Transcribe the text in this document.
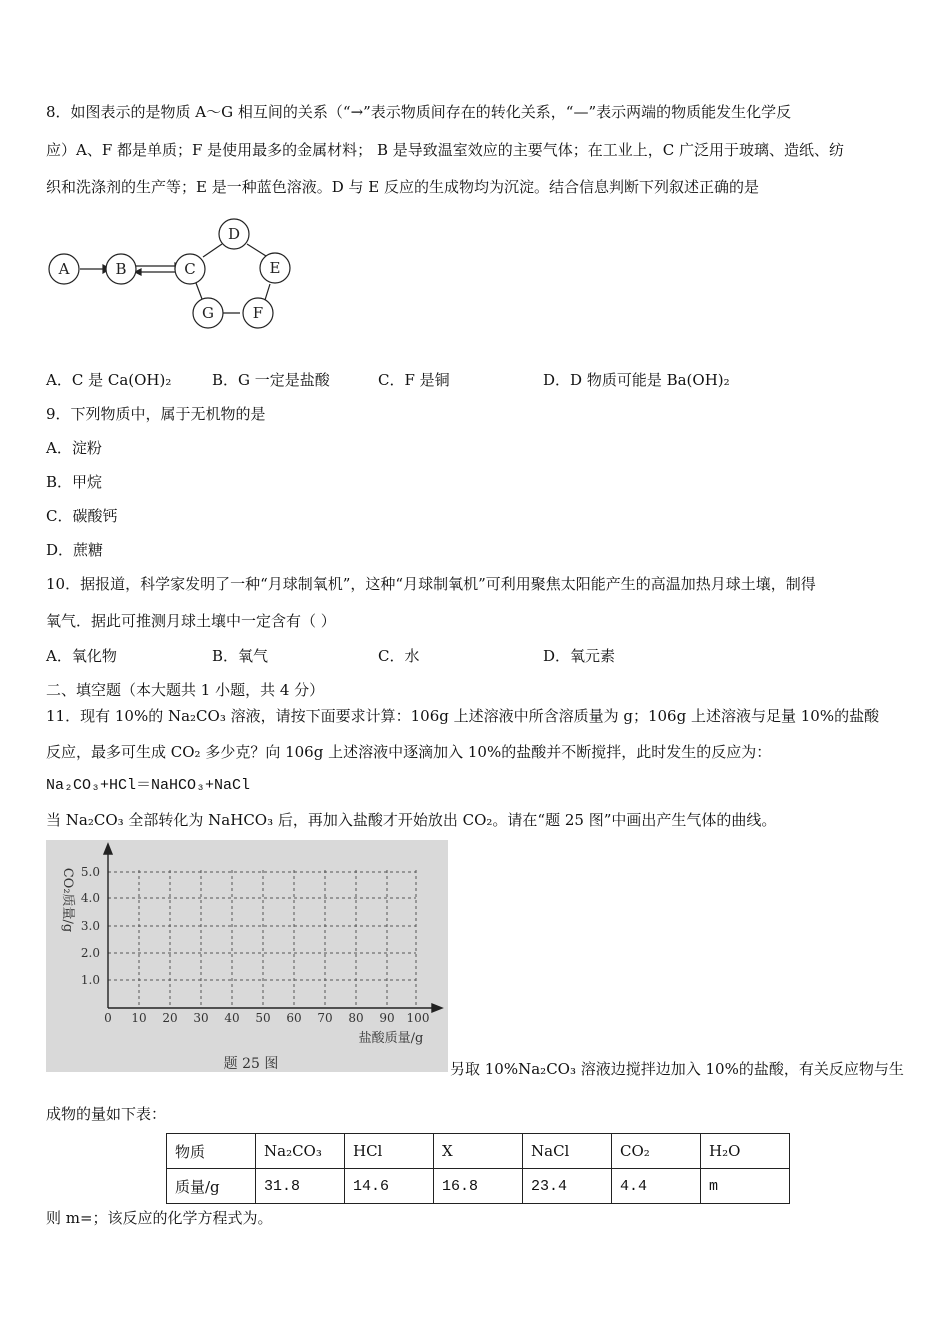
8．如图表示的是物质 A～G 相互间的关系（“→”表示物质间存在的转化关系，“—”表示两端的物质能发生化学反
应）A、F 都是单质；F 是使用最多的金属材料； B 是导致温室效应的主要气体；在工业上，C 广泛用于玻璃、造纸、纺
织和洗涤剂的生产等；E 是一种蓝色溶液。D 与 E 反应的生成物均为沉淀。结合信息判断下列叙述正确的是
A	B	C
D
E
F
G
A．C 是 Ca(OH)₂	B．G 一定是盐酸	C．F 是铜	D．D 物质可能是 Ba(OH)₂
9．下列物质中，属于无机物的是
A．淀粉
B．甲烷
C．碳酸钙
D．蔗糖
10．据报道，科学家发明了一种“月球制氧机”，这种“月球制氧机”可利用聚焦太阳能产生的高温加热月球土壤，制得
氧气．据此可推测月球土壤中一定含有（ ）
A．氧化物	B．氧气	C．水	D．氧元素
二、填空题（本大题共 1 小题，共 4 分）
11．现有 10%的 Na₂CO₃ 溶液，请按下面要求计算：106g 上述溶液中所含溶质量为 g；106g 上述溶液与足量 10%的盐酸
反应，最多可生成 CO₂ 多少克？向 106g 上述溶液中逐滴加入 10%的盐酸并不断搅拌，此时发生的反应为：
Na₂CO₃+HCl＝NaHCO₃+NaCl
当 Na₂CO₃ 全部转化为 NaHCO₃ 后，再加入盐酸才开始放出 CO₂。请在“题 25 图”中画出产生气体的曲线。
1.0
2.0
3.0
4.0
5.0
0 10 20 30 40 50 60 70 80 90 100
盐酸质量/g
CO₂质量/g
题 25 图	另取 10%Na₂CO₃ 溶液边搅拌边加入 10%的盐酸，有关反应物与生
成物的量如下表：
物质	Na₂CO₃	HCl	X	NaCl	CO₂	H₂O
质量/g	31.8	14.6	16.8	23.4	4.4	m
则 m=；该反应的化学方程式为。
